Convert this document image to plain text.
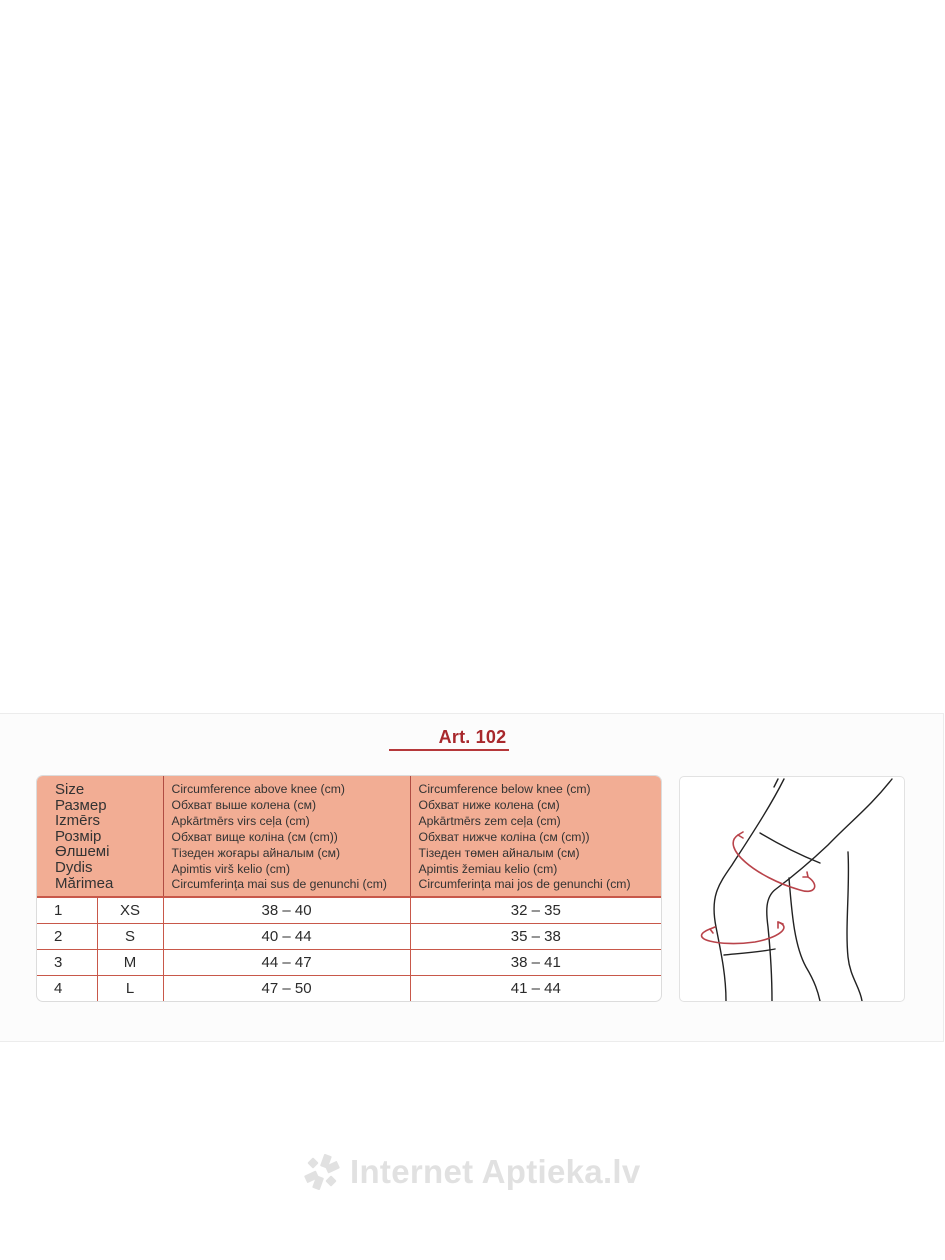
Art. 102
Size
Размер
Izmērs
Розмір
Өлшемі
Dydis
Mărimea

Circumference above knee (cm)
Обхват выше колена (см)
Apkārtmērs virs ceļa (cm)
Обхват вище коліна (см (cm))
Тізеден жоғары айналым (см)
Apimtis virš kelio (cm)
Circumferința mai sus de genunchi (cm)

Circumference below knee (cm)
Обхват ниже колена (см)
Apkārtmērs zem ceļa (cm)
Обхват нижче коліна (см (cm))
Тізеден төмен айналым (см)
Apimtis žemiau kelio (cm)
Circumferința mai jos de genunchi (cm)

1	XS	38 – 40	32 – 35
2	S	40 – 44	35 – 38
3	M	44 – 47	38 – 41
4	L	47 – 50	41 – 44
Internet Aptieka.lv
